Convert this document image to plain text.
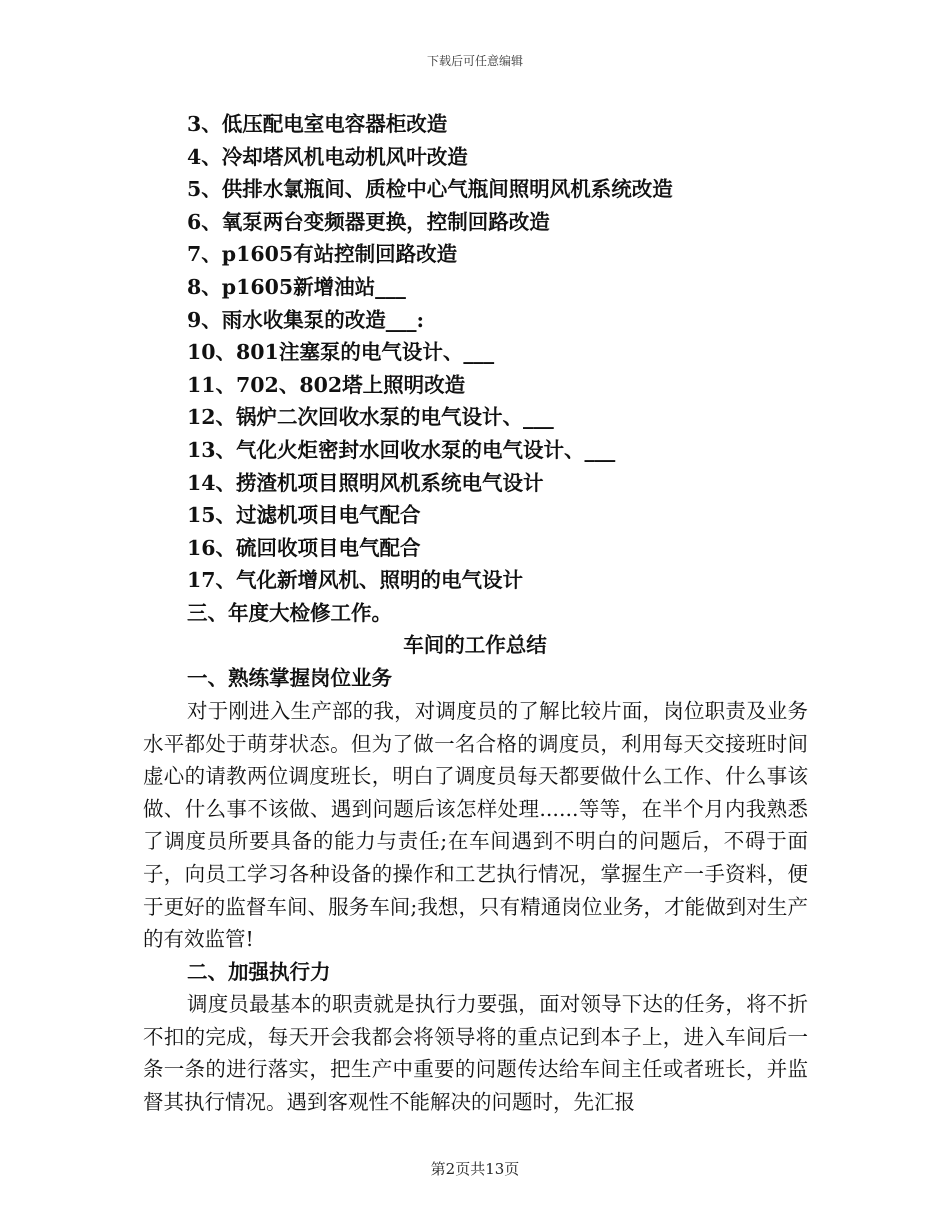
下载后可任意编辑
3、低压配电室电容器柜改造
4、冷却塔风机电动机风叶改造
5、供排水氯瓶间、质检中心气瓶间照明风机系统改造
6、氧泵两台变频器更换，控制回路改造
7、p1605有站控制回路改造
8、p1605新增油站___
9、雨水收集泵的改造___:
10、801注塞泵的电气设计、___
11、702、802塔上照明改造
12、锅炉二次回收水泵的电气设计、___
13、气化火炬密封水回收水泵的电气设计、___
14、捞渣机项目照明风机系统电气设计
15、过滤机项目电气配合
16、硫回收项目电气配合
17、气化新增风机、照明的电气设计
三、年度大检修工作。
车间的工作总结
一、熟练掌握岗位业务
对于刚进入生产部的我，对调度员的了解比较片面，岗位职责及业务水平都处于萌芽状态。但为了做一名合格的调度员，利用每天交接班时间虚心的请教两位调度班长，明白了调度员每天都要做什么工作、什么事该做、什么事不该做、遇到问题后该怎样处理......等等，在半个月内我熟悉了调度员所要具备的能力与责任;在车间遇到不明白的问题后，不碍于面子，向员工学习各种设备的操作和工艺执行情况，掌握生产一手资料，便于更好的监督车间、服务车间;我想，只有精通岗位业务，才能做到对生产的有效监管!
二、加强执行力
调度员最基本的职责就是执行力要强，面对领导下达的任务，将不折不扣的完成，每天开会我都会将领导将的重点记到本子上，进入车间后一条一条的进行落实，把生产中重要的问题传达给车间主任或者班长，并监督其执行情况。遇到客观性不能解决的问题时，先汇报
第2页共13页
